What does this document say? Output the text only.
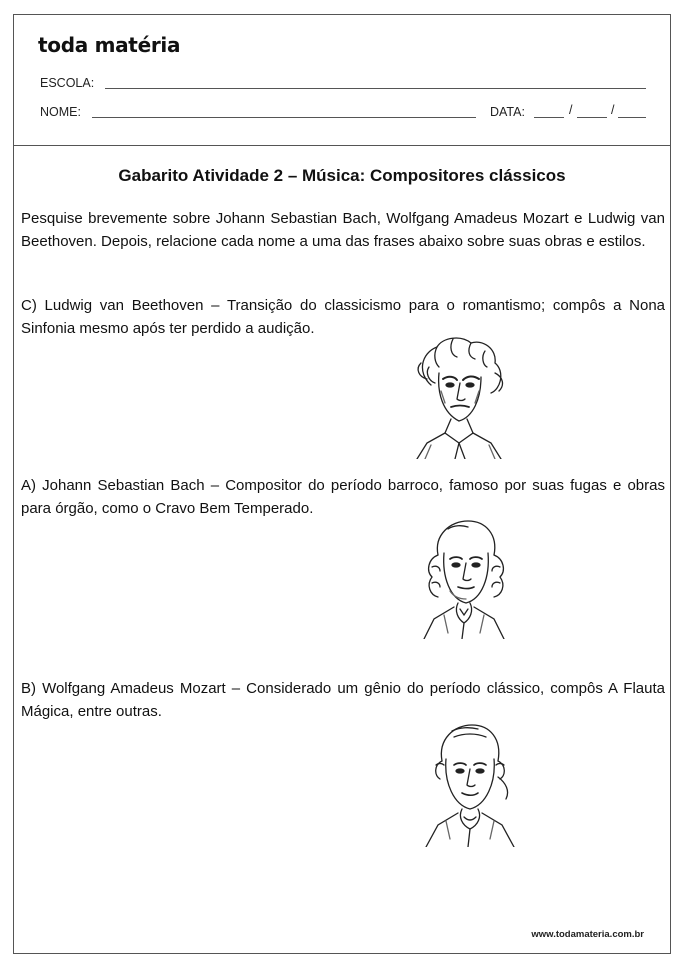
toda matéria
ESCOLA:
NOME:	DATA:	/	/
Gabarito Atividade 2 – Música: Compositores clássicos

Pesquise brevemente sobre Johann Sebastian Bach, Wolfgang Amadeus Mozart e Ludwig van Beethoven. Depois, relacione cada nome a uma das frases abaixo sobre suas obras e estilos.

C) Ludwig van Beethoven – Transição do classicismo para o romantismo; compôs a Nona Sinfonia mesmo após ter perdido a audição.

A) Johann Sebastian Bach – Compositor do período barroco, famoso por suas fugas e obras para órgão, como o Cravo Bem Temperado.

B) Wolfgang Amadeus Mozart – Considerado um gênio do período clássico, compôs A Flauta Mágica, entre outras.

www.todamateria.com.br
